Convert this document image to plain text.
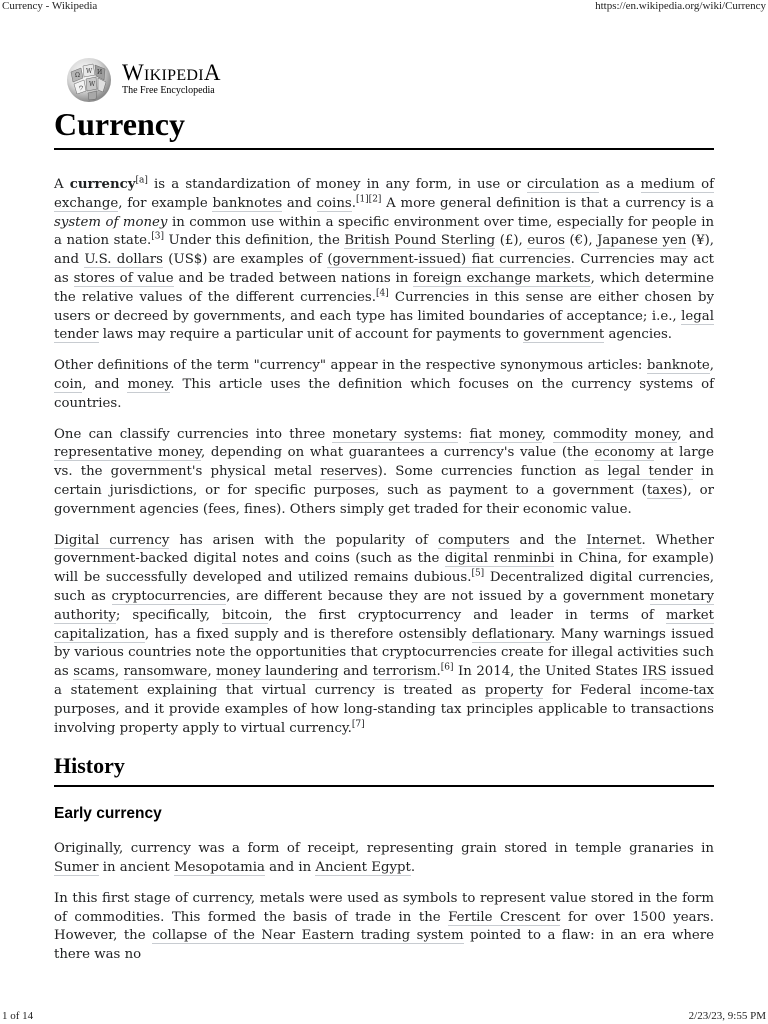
Currency - Wikipedia	https://en.wikipedia.org/wiki/Currency
Ω
W И
ウ
W WIKIPEDIA
The Free Encyclopedia
Currency

A currency[a] is a standardization of money in any form, in use or circulation as a medium of exchange, for example banknotes and coins.[1][2] A more general definition is that a currency is a system of money in common use within a specific environment over time, especially for people in a nation state.[3] Under this definition, the British Pound Sterling (£), euros (€), Japanese yen (¥), and U.S. dollars (US$) are examples of (government-issued) fiat currencies. Currencies may act as stores of value and be traded between nations in foreign exchange markets, which determine the relative values of the different currencies.[4] Currencies in this sense are either chosen by users or decreed by governments, and each type has limited boundaries of acceptance; i.e., legal tender laws may require a particular unit of account for payments to government agencies.

Other definitions of the term "currency" appear in the respective synonymous articles: banknote, coin, and money. This article uses the definition which focuses on the currency systems of countries.

One can classify currencies into three monetary systems: fiat money, commodity money, and representative money, depending on what guarantees a currency's value (the economy at large vs. the government's physical metal reserves). Some currencies function as legal tender in certain jurisdictions, or for specific purposes, such as payment to a government (taxes), or government agencies (fees, fines). Others simply get traded for their economic value.

Digital currency has arisen with the popularity of computers and the Internet. Whether government-backed digital notes and coins (such as the digital renminbi in China, for example) will be successfully developed and utilized remains dubious.[5] Decentralized digital currencies, such as cryptocurrencies, are different because they are not issued by a government monetary authority; specifically, bitcoin, the first cryptocurrency and leader in terms of market capitalization, has a fixed supply and is therefore ostensibly deflationary. Many warnings issued by various countries note the opportunities that cryptocurrencies create for illegal activities such as scams, ransomware, money laundering and terrorism.[6] In 2014, the United States IRS issued a statement explaining that virtual currency is treated as property for Federal income-tax purposes, and it provide examples of how long-standing tax principles applicable to transactions involving property apply to virtual currency.[7]

History
Early currency

Originally, currency was a form of receipt, representing grain stored in temple granaries in Sumer in ancient Mesopotamia and in Ancient Egypt.

In this first stage of currency, metals were used as symbols to represent value stored in the form of commodities. This formed the basis of trade in the Fertile Crescent for over 1500 years. However, the collapse of the Near Eastern trading system pointed to a flaw: in an era where there was no

1 of 14	2/23/23, 9:55 PM
